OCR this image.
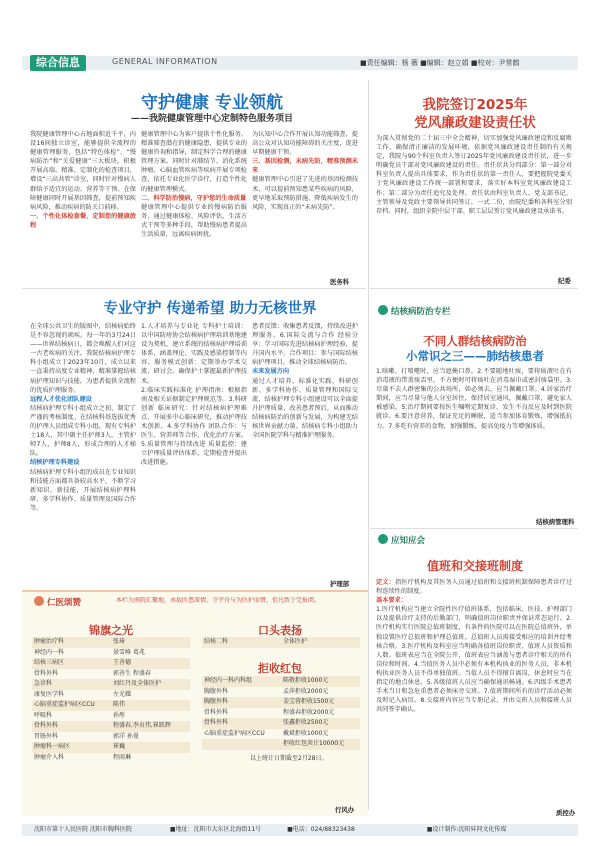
综合信息	GENERAL INFORMATION	■责任编辑：杨 薇 ■编辑：赵立娟 ■校对：尹常鹤
守护健康 专业领航
——我院健康管理中心定制特色服务项目
我院健康管理中心占地面积近千平，内设16间独立诊室，能够提供全流程的健康管理服务，包括“特色体检”、“慢病防治”和“关爱健康”三大板块。积极开展高端、精准、定制化的检查项目，增设“三高共管”诊室，同时针对慢病人群给予适宜的运动、营养等干预。在保障健康同时开展基因筛查，提前预知疾病风险，推动疾病的防关口前移。
一、个性化体检套餐，定制您的健康旅程
健康管理中心为客户提供个性化服务。精准筛查潜在的健康隐患，提供专业的健康咨询和指导，制定科学合理的健康管理方案。同时针对肺结节、消化系统肿瘤、心脑血管疾病等疾病开展专项检查，依托专业化医学诊疗，打造个性化的健康管理模式。
二、科学防治慢病，守护您的生命质量
健康管理中心提供专业的慢病防治服务，通过健康体检、风险评估，生活方式干预等多种手段，帮助慢病患者提高生活质量，远离疾病困扰。
为认知中心合作开展认知功能筛查，提高公众对认知功能障碍的关注度，促进早期健康干预。
三、基因检测，未病先防，精准预测未来
健康管理中心引进了先进的基因检测技术，可以提前预知患某些疾病的风险，更早地采取预防措施，降低疾病发生的风险，实现真正的“未病先防”。
医务科
专业守护 传递希望 助力无核世界
在全球公共卫生的版图中，结核病始终是不容忽视的顽疾。每一年的3月24日——世界结核病日，都会唤醒人们对这一古老疾病的关注。我院结核病护理专科小组成立于2023年10月，成立以来一直秉持高度专业精神，精准掌握结核病护理知识与技能，为患者提供全流程的优质护理服务。
远程人才优化团队建设
结核病护理专科小组成立之初，制定了严谨的考核制度。在结核科基选拔优秀的护理人员组成专科小组。现有专科护士18人，其中副主任护师3人，主管护师7人，护师8人，形成合理的人才梯队。
结核护理专科建设
结核病护理专科小组的成员在专业知识和技能方面都具备较高水平，不断学习新知识、新技能，开展结核病护理科研、多学科协作、质量管理及国际合作等。
1.人才培养与专业化 专科护士培训：以中国防痨协会结核病护理培训基地建设为契机，建立系统的结核病护理培训体系，涵盖理论、实践及感染控制等内容。服务模式创新：定期举办学术交流、研讨会。确保护士掌握最新护理技术。
2.临床实践标准化 护理指南：根据指南及相关证据制定护理规范等。3.科研创新 临床研究：针对结核病护理难点，开展多中心临床研究，推动护理技术创新。4.多学科协作 团队合作：与医生、营养师等合作，优化治疗方案。5.质量管理与持续改进 质量监控：建立护理质量评估体系，定期检查并提出改进措施。
患者反馈：收集患者反馈，持续改进护理服务。6.国际交流与合作 经验分享：学习国际先进结核病护理经验，提升国内水平。合作项目：参与国际结核病护理项目，推动全球结核病防治。
未来发展方向
通过人才培养、标准化实践、科研创新、多学科协作、质量管理和国际交流，结核护理专科小组建设可以全面提升护理质量，改善患者预后，从而推动结核病防治的创新与发展，为构建无结核世界贡献力量。结核病专科小组助力全国医院学科与精准护理服务。
护理部
我院签订2025年
党风廉政建设责任状
为深入贯彻党的二十届三中全会精神，切实加强党风廉政建设和反腐败工作，确保清正廉洁的发展环境，依据党风廉政建设责任制的有关规定，我院与90个科室负责人签订2025年党风廉政建设责任状，进一步明确党员干部对党风廉政建设的责任。责任状共分四部分：第一部分对科室负责人提出具体要求，作为责任状的第一责任人，要把握院党委关于党风廉政建设工作统一部署和要求，落实好本科室党风廉政建设工作；第二部分为责任追究及处理。责任状由科室负责人、党支部书记、主管领导及党政主要领导共同签订，一式二份，由院纪委和各科室分别存档。同时，组织全院中层干部、职工层层签订党风廉政建设承诺书。
纪委
结核病防治专栏
不同人群结核病防治
小常识之三——肺结核患者
1.咳嗽、打喷嚏时，应当遮掩口鼻。2.不要随地吐痰，要将痰液吐在有消毒液的带盖痰盂里，不方便时可将痰吐在消毒湿巾或密封痰袋里。3.尽量不去人群密集的公共场所，如必须去，应当佩戴口罩。4.居家治疗期间，应当尽量与他人分室居住，保持居室通风，佩戴口罩，避免家人被感染。5.治疗期间要按医生嘱咐定期复诊，发生不良反应及时到医院就诊。6.要注意营养，保证充足的睡眠，适当参加体育锻炼，增强抵抗力。7.多吃有营养的食物，加强锻炼，提高免疫力等增强体质。
结核病管理科
应知应会
值班和交接班制度
定义：指医疗机构及其医务人员通过值班和交接班机制保障患者诊疗过程连续性的制度。
基本要求：
1.医疗机构应当建立全院性医疗值班体系，包括临床、医技、护理部门以及提供诊疗支持的后勤部门，明确值班岗位职责并保证常态运行。2.医疗机构实行医院总值班制度，有条件的医院可以在医院总值班外，单独设置医疗总值班和护理总值班。总值班人员需接受相应的培训并经考核合格。3.医疗机构及科室应当明确各值班岗位职责、值班人员资质和人数。值班表应当在全院公开，值班表应当涵盖与患者诊疗相关的所有岗位和时间。4.当值医务人员中必须有本机构执业的医务人员，非本机构执业医务人员不得单独值班。当值人员不得擅自离岗，休息时应当在指定的地点休息。5.各级值班人员应当确保通讯畅通。6.四级手术患者手术当日和急危重患者必须床旁交班。7.值班期间所有的诊疗活动必须及时记入病历。8.交接班内容应当专册记录，并由交班人员和接班人员共同签字确认。
质控办
仁医颂赞	本栏为南院汇聚地，承载医患深情，寺宇舟与为医护而赞，但凡致于完报阅。
锦旗之光
肿瘤治疗科	张琦
神经内一科	景雪峰 葛兆
结核三病区	王善德
骨科外科	郭善生 程盛春
急诊科	刘红丹及全体医护
康复医学科	左光耀
心脑重症监护病区CCU	陈伟
呼吸科	孙彤
骨科外科	程盛春,李贞伟,崔跃辉
胃肠外科	郭洋 孙曼
肿瘤科一病区	崔巍
肿瘤介入科	程雨琳
口头表扬
结核二科	全体医护
拒收红包
神经内一科内科组	陈敬拒收1000元
胸腹外科	孟萍拒收2000元
胸腹外科	姜宝蓉拒收1500元
骨科外科	程盛春拒收2000元
骨科外科	张鑫拒收2500元
心脑重症监护病区CCU	戴斌拒收1000元
拒收红包共计10000元
以上统计日期截至2月28日。
行风办
沈阳市第十人民医院 沈阳市胸科医院	■地址：沈阳市大东区北海街11号	■电话：024/88323438	■设计制作:沈阳昇同文化传媒
